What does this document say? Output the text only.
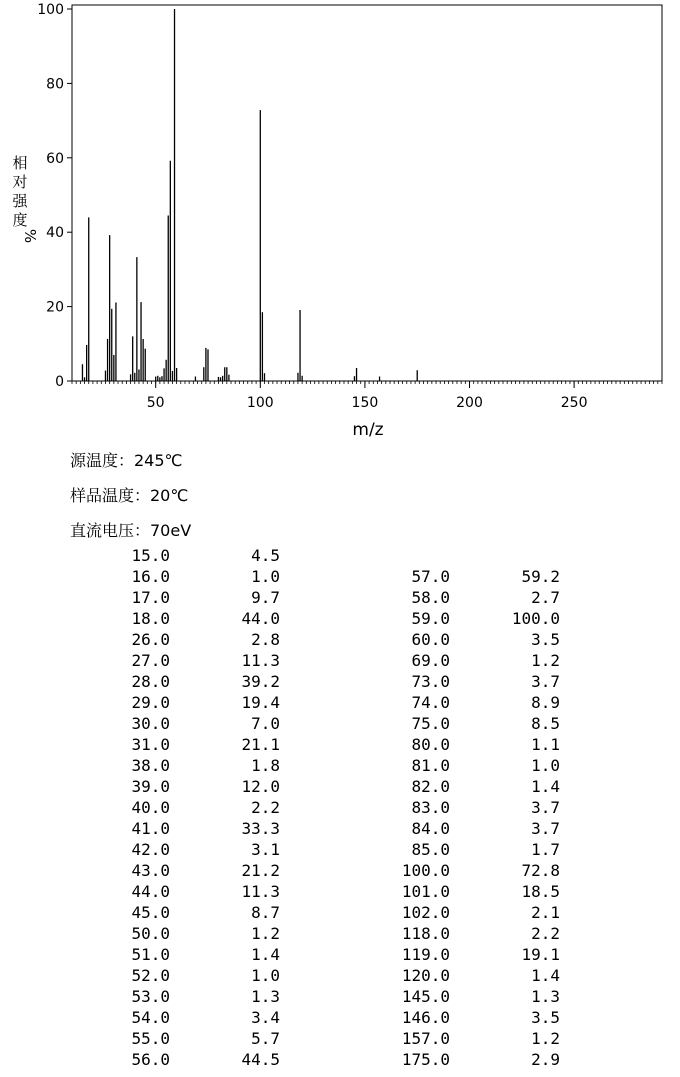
0
20
40
60
80
100
50	100	150	200	250
m/z
相
对
强
度
%
源温度：245℃
样品温度：20℃
直流电压：70eV
15.0	4.5
16.0	1.0
17.0	9.7
18.0	44.0
26.0	2.8
27.0	11.3
28.0	39.2
29.0	19.4
30.0	7.0
31.0	21.1
38.0	1.8
39.0	12.0
40.0	2.2
41.0	33.3
42.0	3.1
43.0	21.2
44.0	11.3
45.0	8.7
50.0	1.2
51.0	1.4
52.0	1.0
53.0	1.3
54.0	3.4
55.0	5.7
56.0	44.5
57.0	59.2
58.0	2.7
59.0	100.0
60.0	3.5
69.0	1.2
73.0	3.7
74.0	8.9
75.0	8.5
80.0	1.1
81.0	1.0
82.0	1.4
83.0	3.7
84.0	3.7
85.0	1.7
100.0	72.8
101.0	18.5
102.0	2.1
118.0	2.2
119.0	19.1
120.0	1.4
145.0	1.3
146.0	3.5
157.0	1.2
175.0	2.9
